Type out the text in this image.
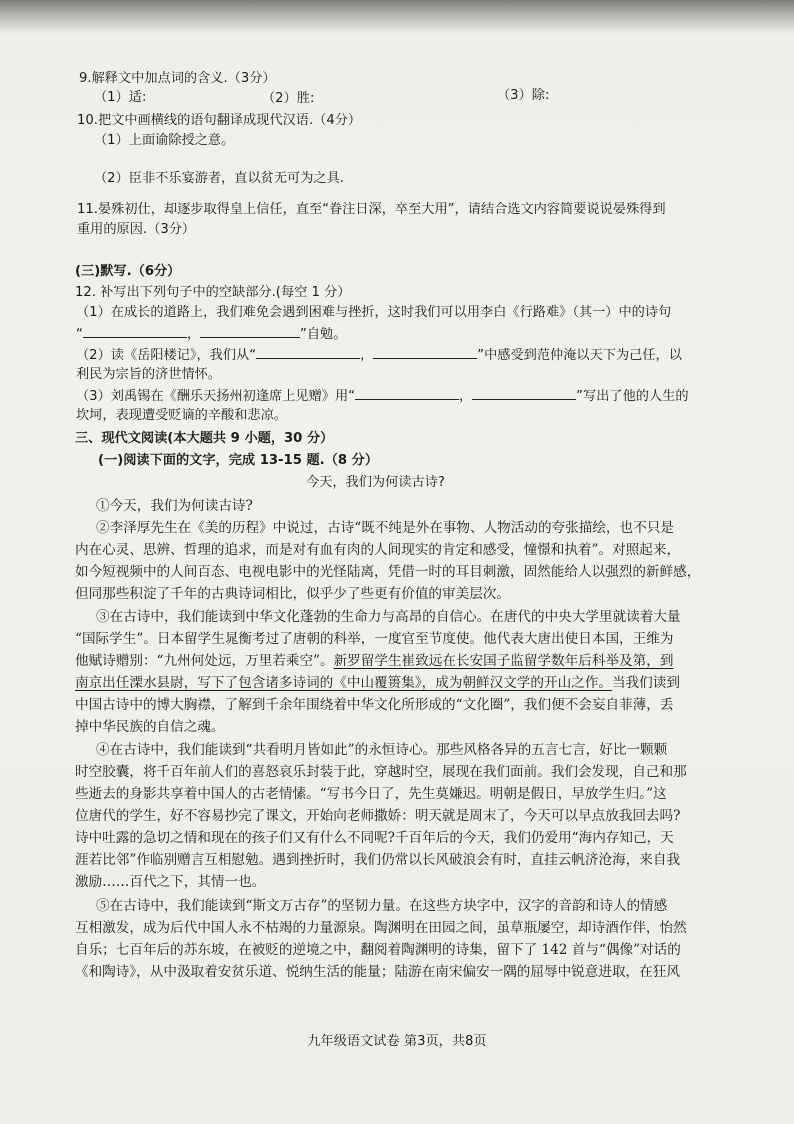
9.解释文中加点词的含义.（3分）
（1）适:	（2）胜:	（3）除:
10.把文中画横线的语句翻译成现代汉语.（4分）
（1）上面谕除授之意。
（2）臣非不乐宴游者，直以贫无可为之具.
11.晏殊初仕，却逐步取得皇上信任，直至“眷注日深，卒至大用”，请结合选文内容简要说说晏殊得到
重用的原因.（3分）
(三)默写.（6分）
12. 补写出下列句子中的空缺部分.(每空 1 分）
（1）在成长的道路上，我们难免会遇到困难与挫折，这时我们可以用李白《行路难》（其一）中的诗句
“	，	”自勉。
（2）读《岳阳楼记》，我们从“	，	”中感受到范仲淹以天下为己任，以
利民为宗旨的济世情怀。
（3）刘禹锡在《酬乐天扬州初逢席上见赠》用“	，	”写出了他的人生的
坎坷，表现遭受贬谪的辛酸和悲凉。
三、现代文阅读(本大题共 9 小题，30 分）
(一)阅读下面的文字，完成 13-15 题.（8 分）
今天，我们为何读古诗?
①今天，我们为何读古诗?
②李泽厚先生在《美的历程》中说过，古诗“既不纯是外在事物、人物活动的夸张描绘，也不只是
内在心灵、思辨、哲理的追求，而是对有血有肉的人间现实的肯定和感受，憧憬和执着”。对照起来，
如今短视频中的人间百态、电视电影中的光怪陆离，凭借一时的耳目刺激，固然能给人以强烈的新鲜感，
但同那些积淀了千年的古典诗词相比，似乎少了些更有价值的审美层次。
③在古诗中，我们能读到中华文化蓬勃的生命力与高昂的自信心。在唐代的中央大学里就读着大量
“国际学生”。日本留学生晁衡考过了唐朝的科举，一度官至节度使。他代表大唐出使日本国，王维为
他赋诗赠别：“九州何处远，万里若乘空”。新罗留学生崔致远在长安国子监留学数年后科举及第，到
南京出任溧水县尉，写下了包含诸多诗词的《中山覆篑集》，成为朝鲜汉文学的开山之作。当我们读到
中国古诗中的博大胸襟，了解到千余年围绕着中华文化所形成的“文化圈”，我们便不会妄自菲薄，丢
掉中华民族的自信之魂。
④在古诗中，我们能读到“共看明月皆如此”的永恒诗心。那些风格各异的五言七言，好比一颗颗
时空胶囊，将千百年前人们的喜怒哀乐封装于此，穿越时空，展现在我们面前。我们会发现，自己和那
些逝去的身影共享着中国人的古老情愫。“写书今日了，先生莫嫌迟。明朝是假日，早放学生归。”这
位唐代的学生，好不容易抄完了课文，开始向老师撒娇：明天就是周末了，今天可以早点放我回去吗?
诗中吐露的急切之情和现在的孩子们又有什么不同呢?千百年后的今天，我们仍爱用“海内存知己，天
涯若比邻”作临别赠言互相慰勉。遇到挫折时，我们仍常以长风破浪会有时，直挂云帆济沧海，来自我
激励……百代之下，其情一也。
⑤在古诗中，我们能读到“斯文万古存”的坚韧力量。在这些方块字中，汉字的音韵和诗人的情感
互相激发，成为后代中国人永不枯竭的力量源泉。陶渊明在田园之间，虽草瓶屡空，却诗酒作伴，怡然
自乐；七百年后的苏东坡，在被贬的逆境之中，翻阅着陶渊明的诗集，留下了 142 首与“偶像”对话的
《和陶诗》，从中汲取着安贫乐道、悦纳生活的能量；陆游在南宋偏安一隅的屈辱中锐意进取，在狂风
九年级语文试卷 第3页，共8页
